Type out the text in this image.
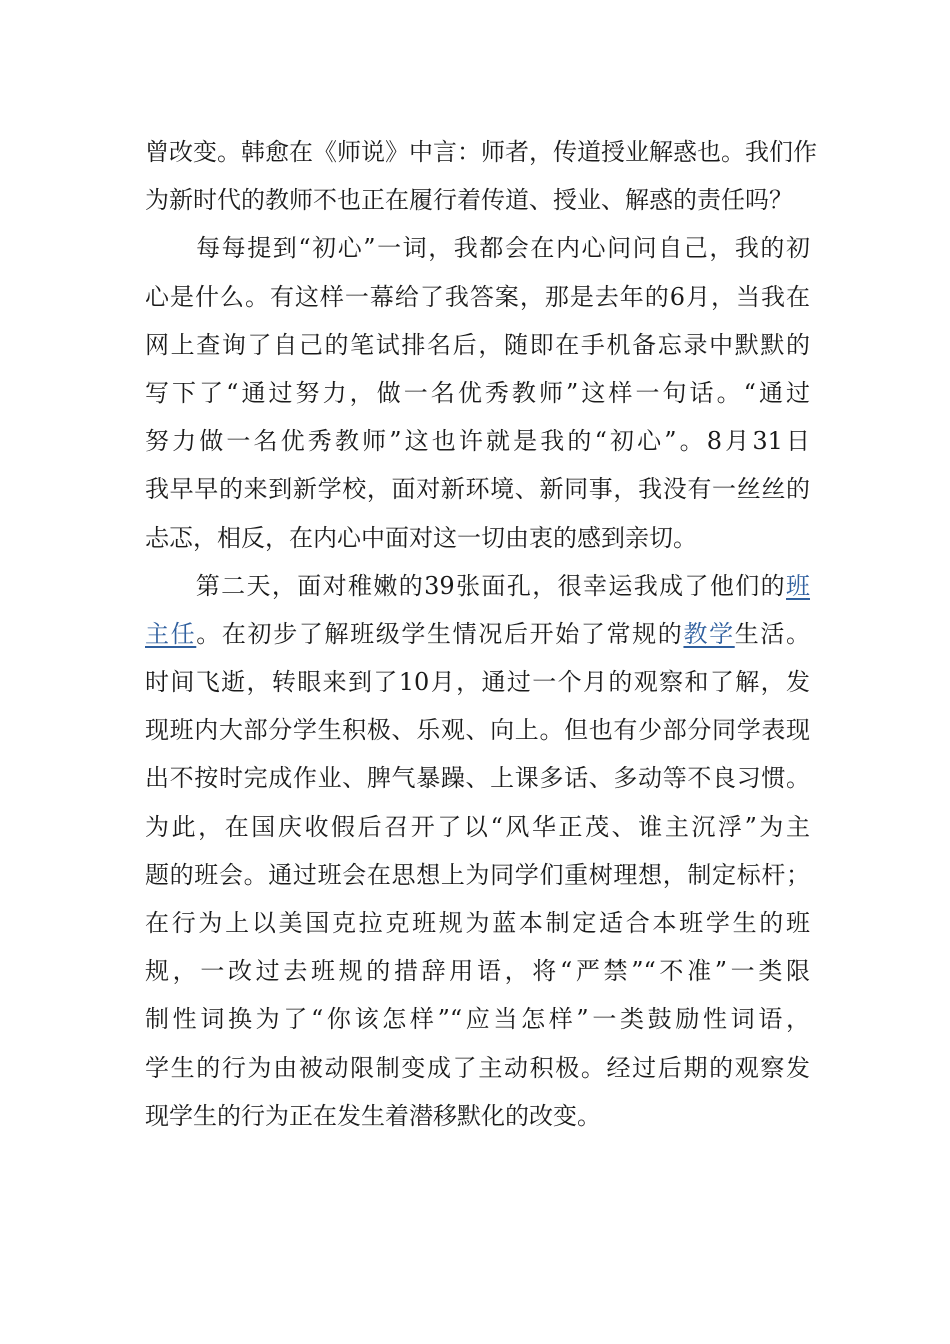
曾改变。韩愈在《师说》中言：师者，传道授业解惑也。我们作
为新时代的教师不也正在履行着传道、授业、解惑的责任吗？
　　每每提到“初心”一词，我都会在内心问问自己，我的初
心是什么。有这样一幕给了我答案，那是去年的6月，当我在
网上查询了自己的笔试排名后，随即在手机备忘录中默默的
写下了“通过努力，做一名优秀教师”这样一句话。“通过
努力做一名优秀教师”这也许就是我的“初心”。8月31日
我早早的来到新学校，面对新环境、新同事，我没有一丝丝的
忐忑，相反，在内心中面对这一切由衷的感到亲切。
　　第二天，面对稚嫩的39张面孔，很幸运我成了他们的班
主任。在初步了解班级学生情况后开始了常规的教学生活。
时间飞逝，转眼来到了10月，通过一个月的观察和了解，发
现班内大部分学生积极、乐观、向上。但也有少部分同学表现
出不按时完成作业、脾气暴躁、上课多话、多动等不良习惯。
为此，在国庆收假后召开了以“风华正茂、谁主沉浮”为主
题的班会。通过班会在思想上为同学们重树理想，制定标杆；
在行为上以美国克拉克班规为蓝本制定适合本班学生的班
规，一改过去班规的措辞用语，将“严禁”“不准”一类限
制性词换为了“你该怎样”“应当怎样”一类鼓励性词语，
学生的行为由被动限制变成了主动积极。经过后期的观察发
现学生的行为正在发生着潜移默化的改变。
